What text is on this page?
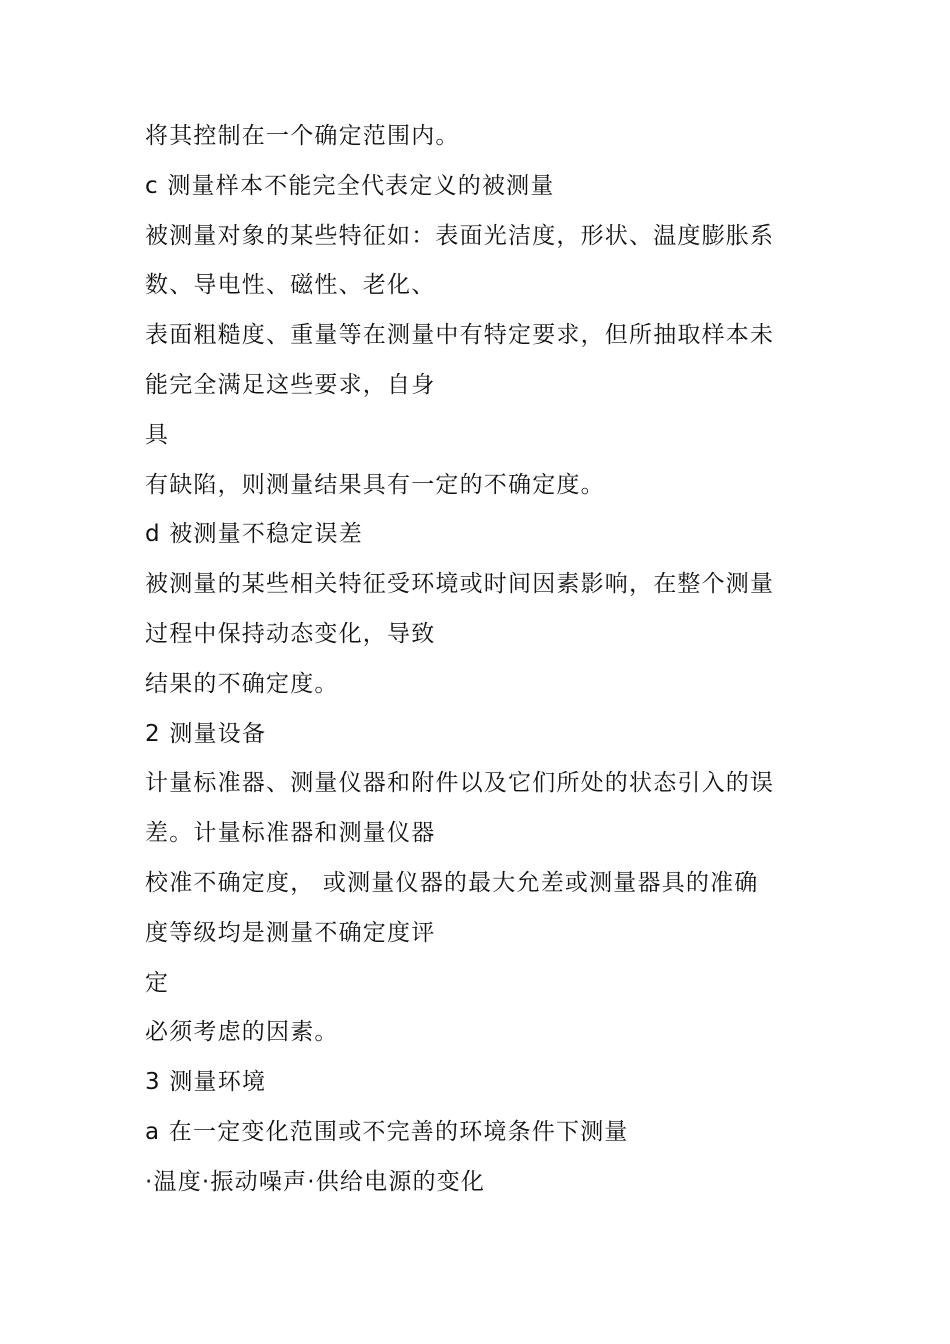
将其控制在一个确定范围内。
c 测量样本不能完全代表定义的被测量
被测量对象的某些特征如：表面光洁度，形状、温度膨胀系
数、导电性、磁性、老化、
表面粗糙度、重量等在测量中有特定要求，但所抽取样本未
能完全满足这些要求，自身
具
有缺陷，则测量结果具有一定的不确定度。
d 被测量不稳定误差
被测量的某些相关特征受环境或时间因素影响，在整个测量
过程中保持动态变化，导致
结果的不确定度。
2 测量设备
计量标准器、测量仪器和附件以及它们所处的状态引入的误
差。计量标准器和测量仪器
校准不确定度， 或测量仪器的最大允差或测量器具的准确
度等级均是测量不确定度评
定
必须考虑的因素。
3 测量环境
a 在一定变化范围或不完善的环境条件下测量
·温度·振动噪声·供给电源的变化
